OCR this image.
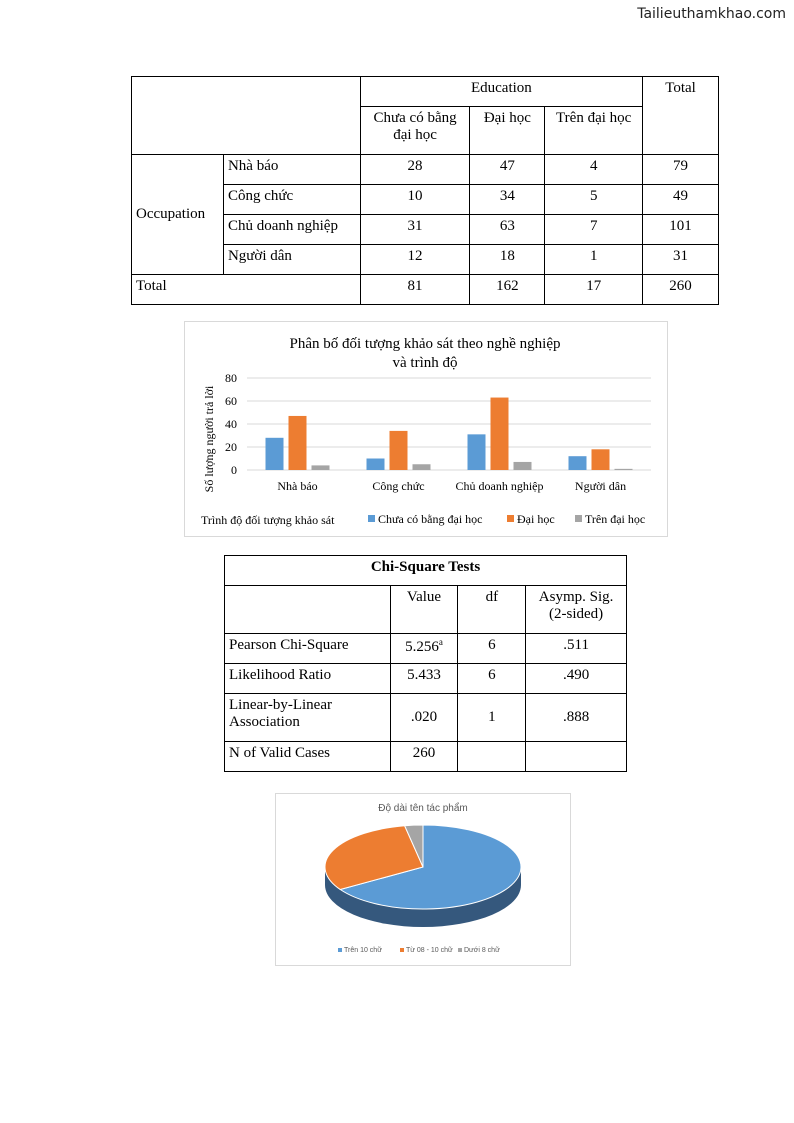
Tailieuthamkhao.com
		Education			Total
		Chưa có bằng đại học	Đại học	Trên đại học	
Occupation	Nhà báo	28	47	4	79
	Công chức	10	34	5	49
	Chủ doanh nghiệp	31	63	7	101
	Người dân	12	18	1	31
Total		81	162	17	260
Phân bố đối tượng khảo sát theo nghề nghiệp
và trình độ
Số lượng người trả lời 0
20
40
60
80
Nhà báo	Công chức	Chủ doanh nghiệp	Người dân
Trình độ đối tượng khảo sát	Chưa có bằng đại học	Đại học	Trên đại học
Chi-Square Tests			
	Value	df	Asymp. Sig. (2-sided)
Pearson Chi-Square	5.256$^a$	6	.511
Likelihood Ratio	5.433	6	.490
Linear-by-Linear Association	.020	1	.888
N of Valid Cases	260		
Độ dài tên tác phẩm
Trên 10 chữ	Từ 08 - 10 chữ Dưới 8 chữ
